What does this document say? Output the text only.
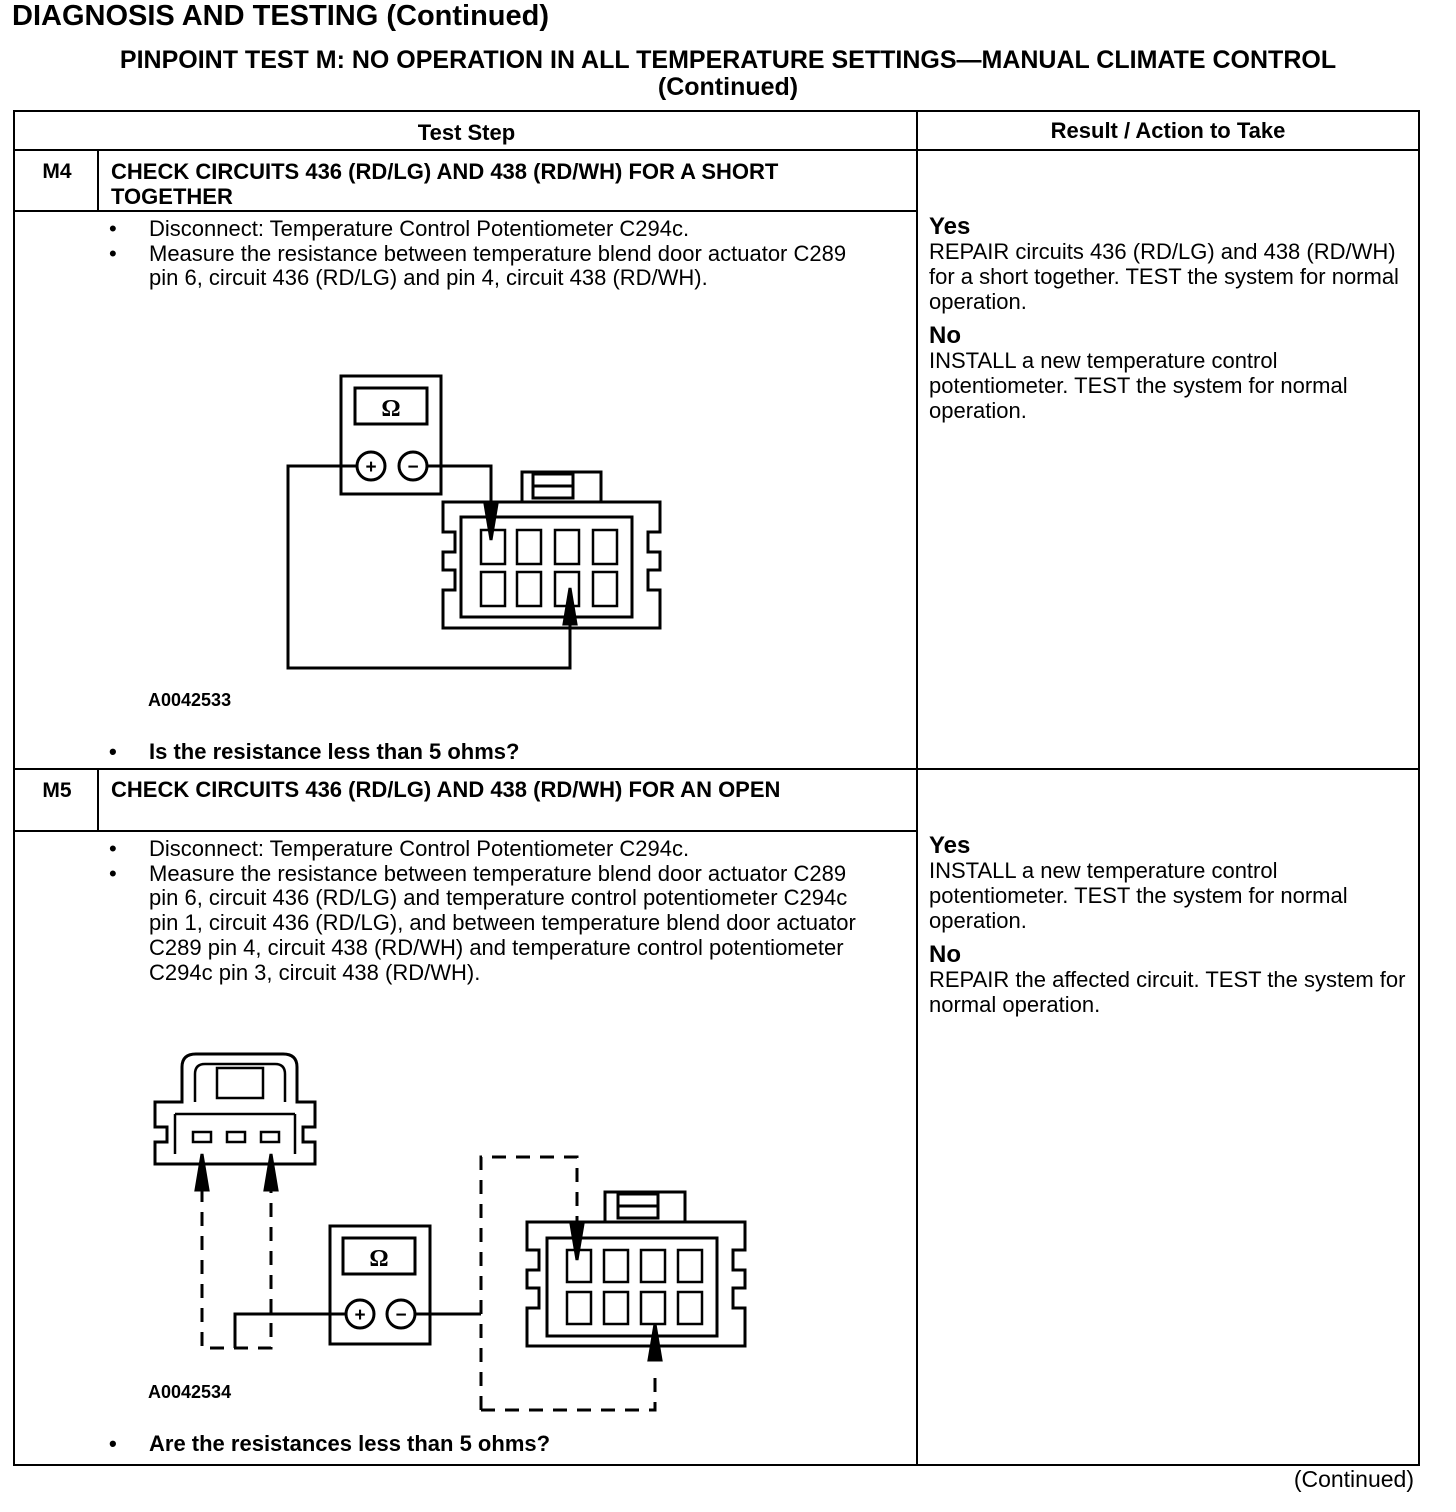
DIAGNOSIS AND TESTING (Continued)
PINPOINT TEST M: NO OPERATION IN ALL TEMPERATURE SETTINGS—MANUAL CLIMATE CONTROL
(Continued)
Test Step	Result / Action to Take
M4	CHECK CIRCUITS 436 (RD/LG) AND 438 (RD/WH) FOR A SHORT TOGETHER
• Disconnect: Temperature Control Potentiometer C294c.
• Measure the resistance between temperature blend door actuator C289 pin 6, circuit 436 (RD/LG) and pin 4, circuit 438 (RD/WH).
Ω
+ −
A0042533
• Is the resistance less than 5 ohms?

Yes
REPAIR circuits 436 (RD/LG) and 438 (RD/WH) for a short together. TEST the system for normal operation.

No
INSTALL a new temperature control potentiometer. TEST the system for normal operation.

M5	CHECK CIRCUITS 436 (RD/LG) AND 438 (RD/WH) FOR AN OPEN
• Disconnect: Temperature Control Potentiometer C294c.
• Measure the resistance between temperature blend door actuator C289 pin 6, circuit 436 (RD/LG) and temperature control potentiometer C294c pin 1, circuit 436 (RD/LG), and between temperature blend door actuator C289 pin 4, circuit 438 (RD/WH) and temperature control potentiometer C294c pin 3, circuit 438 (RD/WH).
Ω
+ −
A0042534
• Are the resistances less than 5 ohms?

Yes
INSTALL a new temperature control potentiometer. TEST the system for normal operation.

No
REPAIR the affected circuit. TEST the system for normal operation.

(Continued)
